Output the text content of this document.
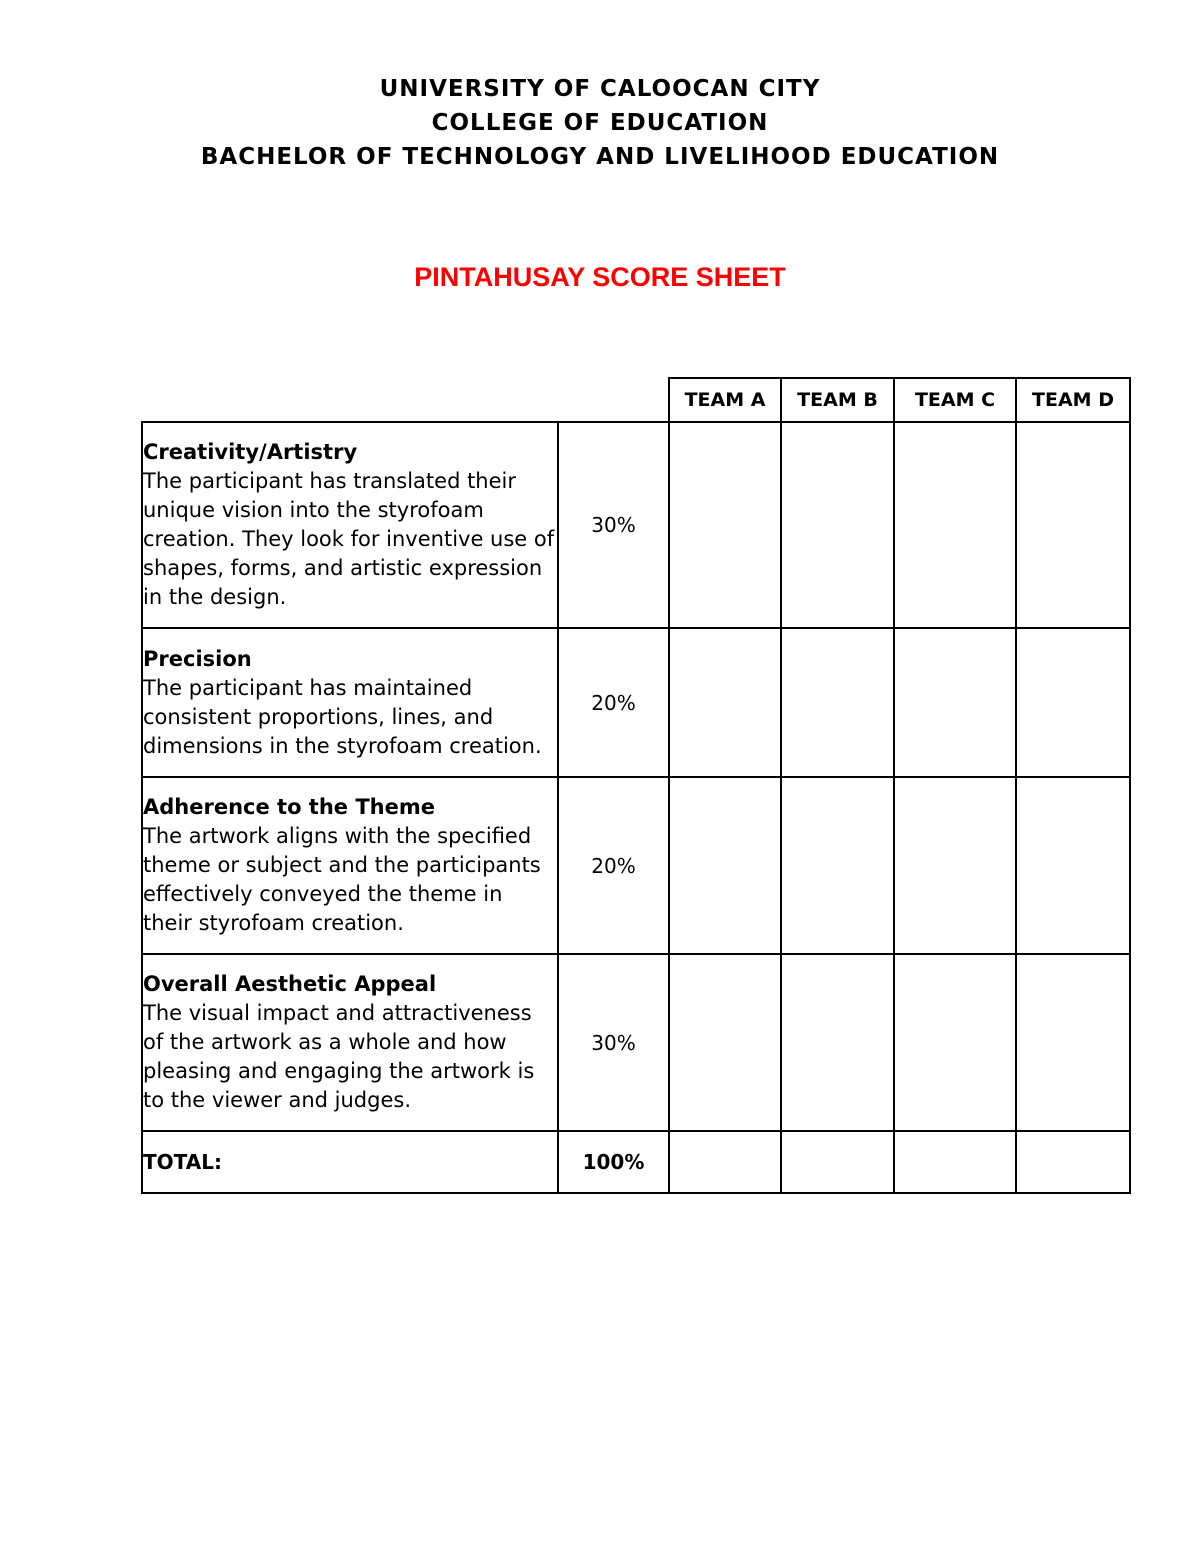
UNIVERSITY OF CALOOCAN CITY
COLLEGE OF EDUCATION
BACHELOR OF TECHNOLOGY AND LIVELIHOOD EDUCATION
PINTAHUSAY SCORE SHEET
		TEAM A	TEAM B	TEAM C	TEAM D

Creativity/Artistry
The participant has translated their unique vision into the styrofoam creation. They look for inventive use of shapes, forms, and artistic expression in the design.	30%				

Precision
The participant has maintained consistent proportions, lines, and dimensions in the styrofoam creation.	20%				

Adherence to the Theme
The artwork aligns with the specified theme or subject and the participants effectively conveyed the theme in their styrofoam creation.	20%				

Overall Aesthetic Appeal
The visual impact and attractiveness of the artwork as a whole and how pleasing and engaging the artwork is to the viewer and judges.	30%				
TOTAL:	100%				
